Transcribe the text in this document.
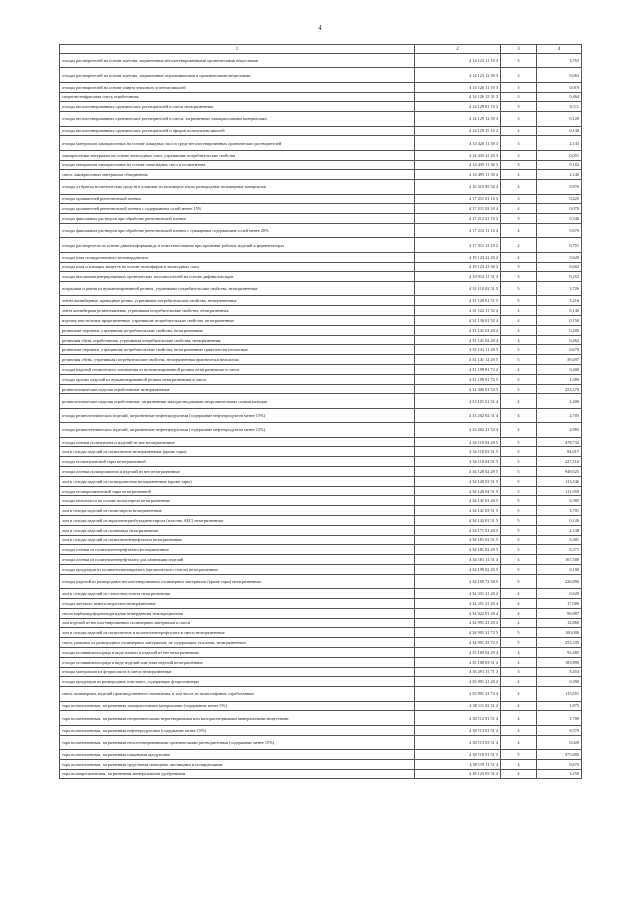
4
1	2	3	4
отходы растворителей на основе ацетона, загрязненные негалогенированными органическими веществами	4 14 123 11 10 3	3	3,763
отходы растворителей на основе ацетона, загрязненные агрохимикатами и органическими веществами	4 14 123 12 39 3	3	0,063
отходы растворителей на основе спирта этилового и пентагликолей	4 14 126 11 10 3	3	0,019
спиртово-нефрасовая смесь отработанная	4 14 126 15 31 3	3	0,464
отходы негалогенированных органических растворителей в смеси незагрязненные	4 14 129 01 10 3	3	0,111
отходы негалогенированных органических растворителей в смеси, загрязненные лакокрасочными материалами	4 14 129 12 39 3	3	0,120
отходы негалогенированных органических растворителей и эфиров полиэтиленгликолей	4 14 129 15 10 2	2	0,140
отходы материалов лакокрасочных на основе алкидных смол в среде негалогенированных органических растворителей	4 14 420 11 39 3	3	2,143
лакокрасочные материалы на основе эпоксидных смол, утратившие потребительские свойства	4 14 435 21 20 3	3	0,051
отходы материалов лакокрасочных на основе эпоксидных смол и полиэтилена	4 14 435 11 30 3	3	0,182
смесь лакокрасочных материалов обводненная	4 14 495 11 39 4	4	2,140
отходы от бритья косметических средств в упаковке из полимеров и/или разнородных полимерных материалов	4 16 315 95 52 4	4	0,976
отходы проявителей рентгеновской пленки	4 17 211 01 10 3	3	0,425
отходы проявителей рентгеновской пленки с содержанием солей менее 15%	4 17 211 02 10 4	4	0,070
отходы фиксажных растворов при обработке рентгеновской пленки	4 17 212 01 10 3	3	0,346
отходы фиксажных растворов при обработке рентгеновской пленки с суммарным содержанием солей менее 20%	4 17 212 11 10 4	4	0,670
отходы растворителя на основе диметилформамида и моноэтаноламина при промывке рабочих изделий в ферментаторах	4 17 311 12 10 2	2	6,751
отходы клея полиуретанового незатвердевшего	4 19 123 22 20 4	4	5,620
отходы клея и клеящих веществ на основе полиэфиров и эпоксидных смол	4 19 123 23 30 3	3	0,602
отходы высококонцентрированных органических теплоносителей на основе дифенилоксидов	4 19 912 11 31 3	3	0,252
покрышки и ремни из вулканизированной резины, утратившие потребительские свойства, незагрязненные	4 31 110 02 51 5	5	3,726
ленты конвейерные, приводные ремни, утратившие потребительские свойства, незагрязненные	4 31 120 01 51 5	5	5,216
лента конвейерная резинотканевая, утратившая потребительские свойства, незагрязненная	4 31 122 11 52 4	4	0,140
изделия текстильные прорезиненные, утратившие потребительские свойства, незагрязненные	4 31 130 01 52 4	4	0,150
резиновые перчатки, утратившие потребительские свойства, незагрязненные	4 31 141 01 20 4	4	0,200
резиновая обувь отработанная, утратившая потребительские свойства, незагрязненная	4 31 141 02 20 4	4	0,462
резиновые перчатки, утратившие потребительские свойства, незагрязненные практически неопасные	4 31 141 11 20 5	5	0,670
резиновая обувь, утратившая потребительские свойства, незагрязненная практически неопасная	4 31 141 12 20 5	5	39,497
отходы изделий технического назначения из вулканизированной резины незагрязненные в смеси	4 31 199 81 72 4	4	0,400
отходы прочих изделий из вулканизированной резины незагрязненные в смеси	4 31 199 91 72 5	5	1,580
резинотехнические изделия отработанные незагрязненные	4 31 300 01 52 5	5	253,370
резинотехнические изделия отработанные, загрязненные малорастворимыми неорганическими солями кальция	4 33 101 01 51 4	4	1,200
отходы резинотехнических изделий, загрязненные нефтепродуктами (содержание нефтепродуктов менее 15%)	4 33 202 02 51 4	4	2,705
отходы резинотехнических изделий, загрязненные нефтепродуктами (содержание нефтепродуктов менее 15%)	4 33 202 21 52 4	4	2,965
отходы пленки полиэтилена и изделий из нее незагрязненные	4 34 110 02 29 5	5	478,734
лом и отходы изделий из полиэтилена незагрязненные (кроме тары)	4 34 110 03 51 5	5	84,017
отходы полиэтиленовой тары незагрязненной	4 34 110 04 51 5	5	227,510
отходы пленки полипропилена и изделий из нее незагрязненные	4 34 120 02 29 5	5	949,025
лом и отходы изделий из полипропилена незагрязненные (кроме тары)	4 34 120 03 51 5	5	113,546
отходы полипропиленовой тары незагрязненной	4 34 120 04 51 5	5	111,959
отходы пенопласта на основе полистирола незагрязненные	4 34 141 01 20 5	5	6,385
лом и отходы изделий из полистирола незагрязненные	4 34 141 03 51 5	5	3,701
лом и отходы изделий из акрилонитрилбутадиенстирола (пластик АБС) незагрязненные	4 34 142 01 51 5	5	0,120
лом и отходы изделий из полиамида незагрязненные	4 34 171 01 20 5	5	2,138
лом и отходы изделий из полиэтилентерефталата незагрязненные	4 34 181 01 51 5	5	3,301
отходы пленки из полиэтилентерефталата незагрязненные	4 34 181 02 29 5	5	5,371
отходы пленки из полиэтилентерефталата для ламинации изделий	4 34 181 11 51 4	4	167,500
отходы продукции из полиметилметакрилата (органического стекла) незагрязненные	4 34 199 02 20 5	5	0,100
отходы изделий из разнородных негалогенированных полимерных материалов (кроме тары) незагрязненные	4 34 199 72 50 5	5	226,890
лом и отходы изделий из стеклотекстолита незагрязненные	4 34 231 21 20 4	4	0,620
отходы жесткого пенополиуретана незагрязненные	4 34 251 21 20 4	4	17,000
смола карбамидоформальдегидная затвердевшая некондиционная	4 34 922 01 20 4	4	96,887
лом изделий из негалогенированных полимерных материалов в смеси	4 34 991 21 20 4	4	12,860
лом и отходы изделий из полиэтилена и полиэтилентерефталата в смеси незагрязненные	4 34 991 21 72 5	5	100,000
смесь упаковок из разнородных полимерных материалов, не содержащих галогены, незагрязненных	4 34 991 33 72 5	5	253,335
отходы поливинилхлорида в виде пленки и изделий из нее незагрязненные	4 35 100 02 29 4	4	92,485
отходы поливинилхлорида в виде изделий или лома изделий незагрязненные	4 35 100 03 51 4	4	183,890
отходы материалов из фторопласта в смеси незагрязненные	4 35 291 11 71 3	3	3,454
отходы продукции из разнородных пластмасс, содержащие фторполимеры	4 35 991 21 20 4	4	0,390
смесь полимерных изделий производственного назначения, в том числе из полиолефинов, отработанных	4 35 991 31 72 4	4	115,651
тара полиэтиленовая, загрязненная лакокрасочными материалами (содержание менее 5%)	4 38 111 02 51 4	4	1,875
тара полиэтиленовая, загрязненная неорганическими нерастворимыми или малорастворимыми минеральными веществами	4 38 112 01 51 4	4	1,700
тара полиэтиленовая, загрязненная нефтепродуктами (содержание менее 15%)	4 38 113 01 51 4	4	6,579
тара полиэтиленовая, загрязненная негалогенированными органическими растворителями (содержание менее 15%)	4 38 113 03 51 4	4	0,020
тара полиэтиленовая, загрязненная пищевыми продуктами	4 38 118 01 51 5	5	375,800
тара полиэтиленовая, загрязненная средствами моющими, чистящими и полирующими	4 38 119 11 51 4	4	0,675
тара полипропиленовая, загрязненная минеральными удобрениями	4 38 123 05 51 4	4	3,250
